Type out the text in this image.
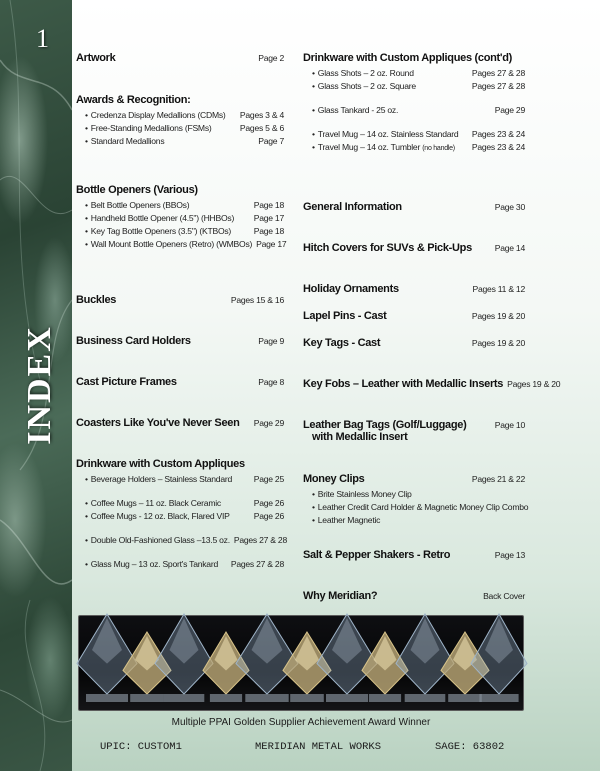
1
INDEX
Artwork	Page 2
Awards & Recognition:
• Credenza Display Medallions (CDMs)	Pages 3 & 4
• Free-Standing Medallions (FSMs)	Pages 5 & 6
• Standard Medallions	Page 7
Bottle Openers (Various)
• Belt Bottle Openers (BBOs)	Page 18
• Handheld Bottle Opener (4.5") (HHBOs)	Page 17
• Key Tag Bottle Openers (3.5") (KTBOs)	Page 18
• Wall Mount Bottle Openers (Retro) (WMBOs) Page 17
Buckles	Pages 15 & 16
Business Card Holders	Page 9
Cast Picture Frames	Page 8
Coasters Like You've Never Seen	Page 29
Drinkware with Custom Appliques
• Beverage Holders – Stainless Standard	Page 25
• Coffee Mugs – 11 oz. Black Ceramic	Page 26
• Coffee Mugs - 12 oz. Black, Flared VIP	Page 26
• Double Old-Fashioned Glass –13.5 oz. Pages 27 & 28
• Glass Mug – 13 oz. Sport's Tankard	Pages 27 & 28
Drinkware with Custom Appliques (cont'd)
• Glass Shots – 2 oz. Round	Pages 27 & 28
• Glass Shots – 2 oz. Square	Pages 27 & 28
• Glass Tankard - 25 oz.	Page 29
• Travel Mug – 14 oz. Stainless Standard	Pages 23 & 24
• Travel Mug – 14 oz. Tumbler (no handle)	Pages 23 & 24
General Information	Page 30
Hitch Covers for SUVs & Pick-Ups	Page 14
Holiday Ornaments	Pages 11 & 12
Lapel Pins - Cast	Pages 19 & 20
Key Tags - Cast	Pages 19 & 20
Key Fobs – Leather with Medallic Inserts Pages 19 & 20
Leather Bag Tags (Golf/Luggage)	Page 10
with Medallic Insert
Money Clips	Pages 21 & 22
• Brite Stainless Money Clip
• Leather Credit Card Holder & Magnetic Money Clip Combo
• Leather Magnetic
Salt & Pepper Shakers - Retro	Page 13
Why Meridian?	Back Cover
Multiple PPAI Golden Supplier Achievement Award Winner
UPIC: CUSTOM1	MERIDIAN METAL WORKS	SAGE: 63802
